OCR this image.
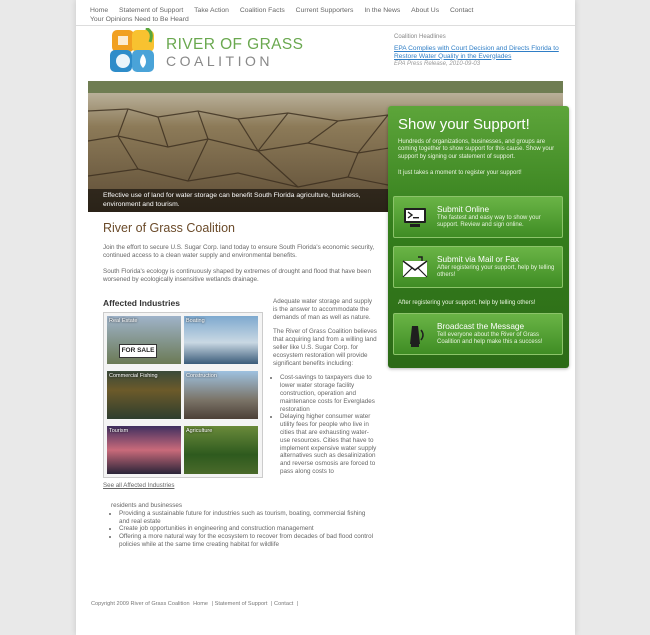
Home Statement of Support Take Action Coalition Facts Current Supporters In the News About Us Contact
Your Opinions Need to Be Heard
RIVER OF GRASS
COALITION
Coalition Headlines
EPA Complies with Court Decision and Directs Florida to Restore Water Quality in the Everglades
EPA Press Release, 2010-09-03
Effective use of land for water storage can benefit South Florida agriculture, business, environment and tourism.
River of Grass Coalition

Join the effort to secure U.S. Sugar Corp. land today to ensure South Florida's economic security, continued access to a clean water supply and environmental benefits.

South Florida's ecology is continuously shaped by extremes of drought and flood that have been worsened by ecologically insensitive wetlands drainage.

Affected Industries
FOR SALE
Real Estate	Boating
Commercial Fishing	Construction
Tourism	Agriculture
See all Affected Industries

Adequate water storage and supply is the answer to accommodate the demands of man as well as nature.

The River of Grass Coalition believes that acquiring land from a willing land seller like U.S. Sugar Corp. for ecosystem restoration will provide significant benefits including:

• Cost-savings to taxpayers due to lower water storage facility construction, operation and maintenance costs for Everglades restoration
• Delaying higher consumer water utility fees for people who live in cities that are exhausting water-use resources. Cities that have to implement expensive water supply alternatives such as desalinization and reverse osmosis are forced to pass along costs to
residents and businesses
• Providing a sustainable future for industries such as tourism, boating, commercial fishing and real estate
• Create job opportunities in engineering and construction management
• Offering a more natural way for the ecosystem to recover from decades of bad flood control policies while at the same time creating habitat for wildlife
Show your Support!
Hundreds of organizations, businesses, and groups are coming together to show support for this cause. Show your support by signing our statement of support.
It just takes a moment to register your support!
Submit Online
The fastest and easy way to show your support. Review and sign online.
Submit via Mail or Fax
After registering your support, help by telling others!
After registering your support, help by telling others!
Broadcast the Message
Tell everyone about the River of Grass Coalition and help make this a success!
Copyright 2009 River of Grass Coalition Home | Statement of Support | Contact |
